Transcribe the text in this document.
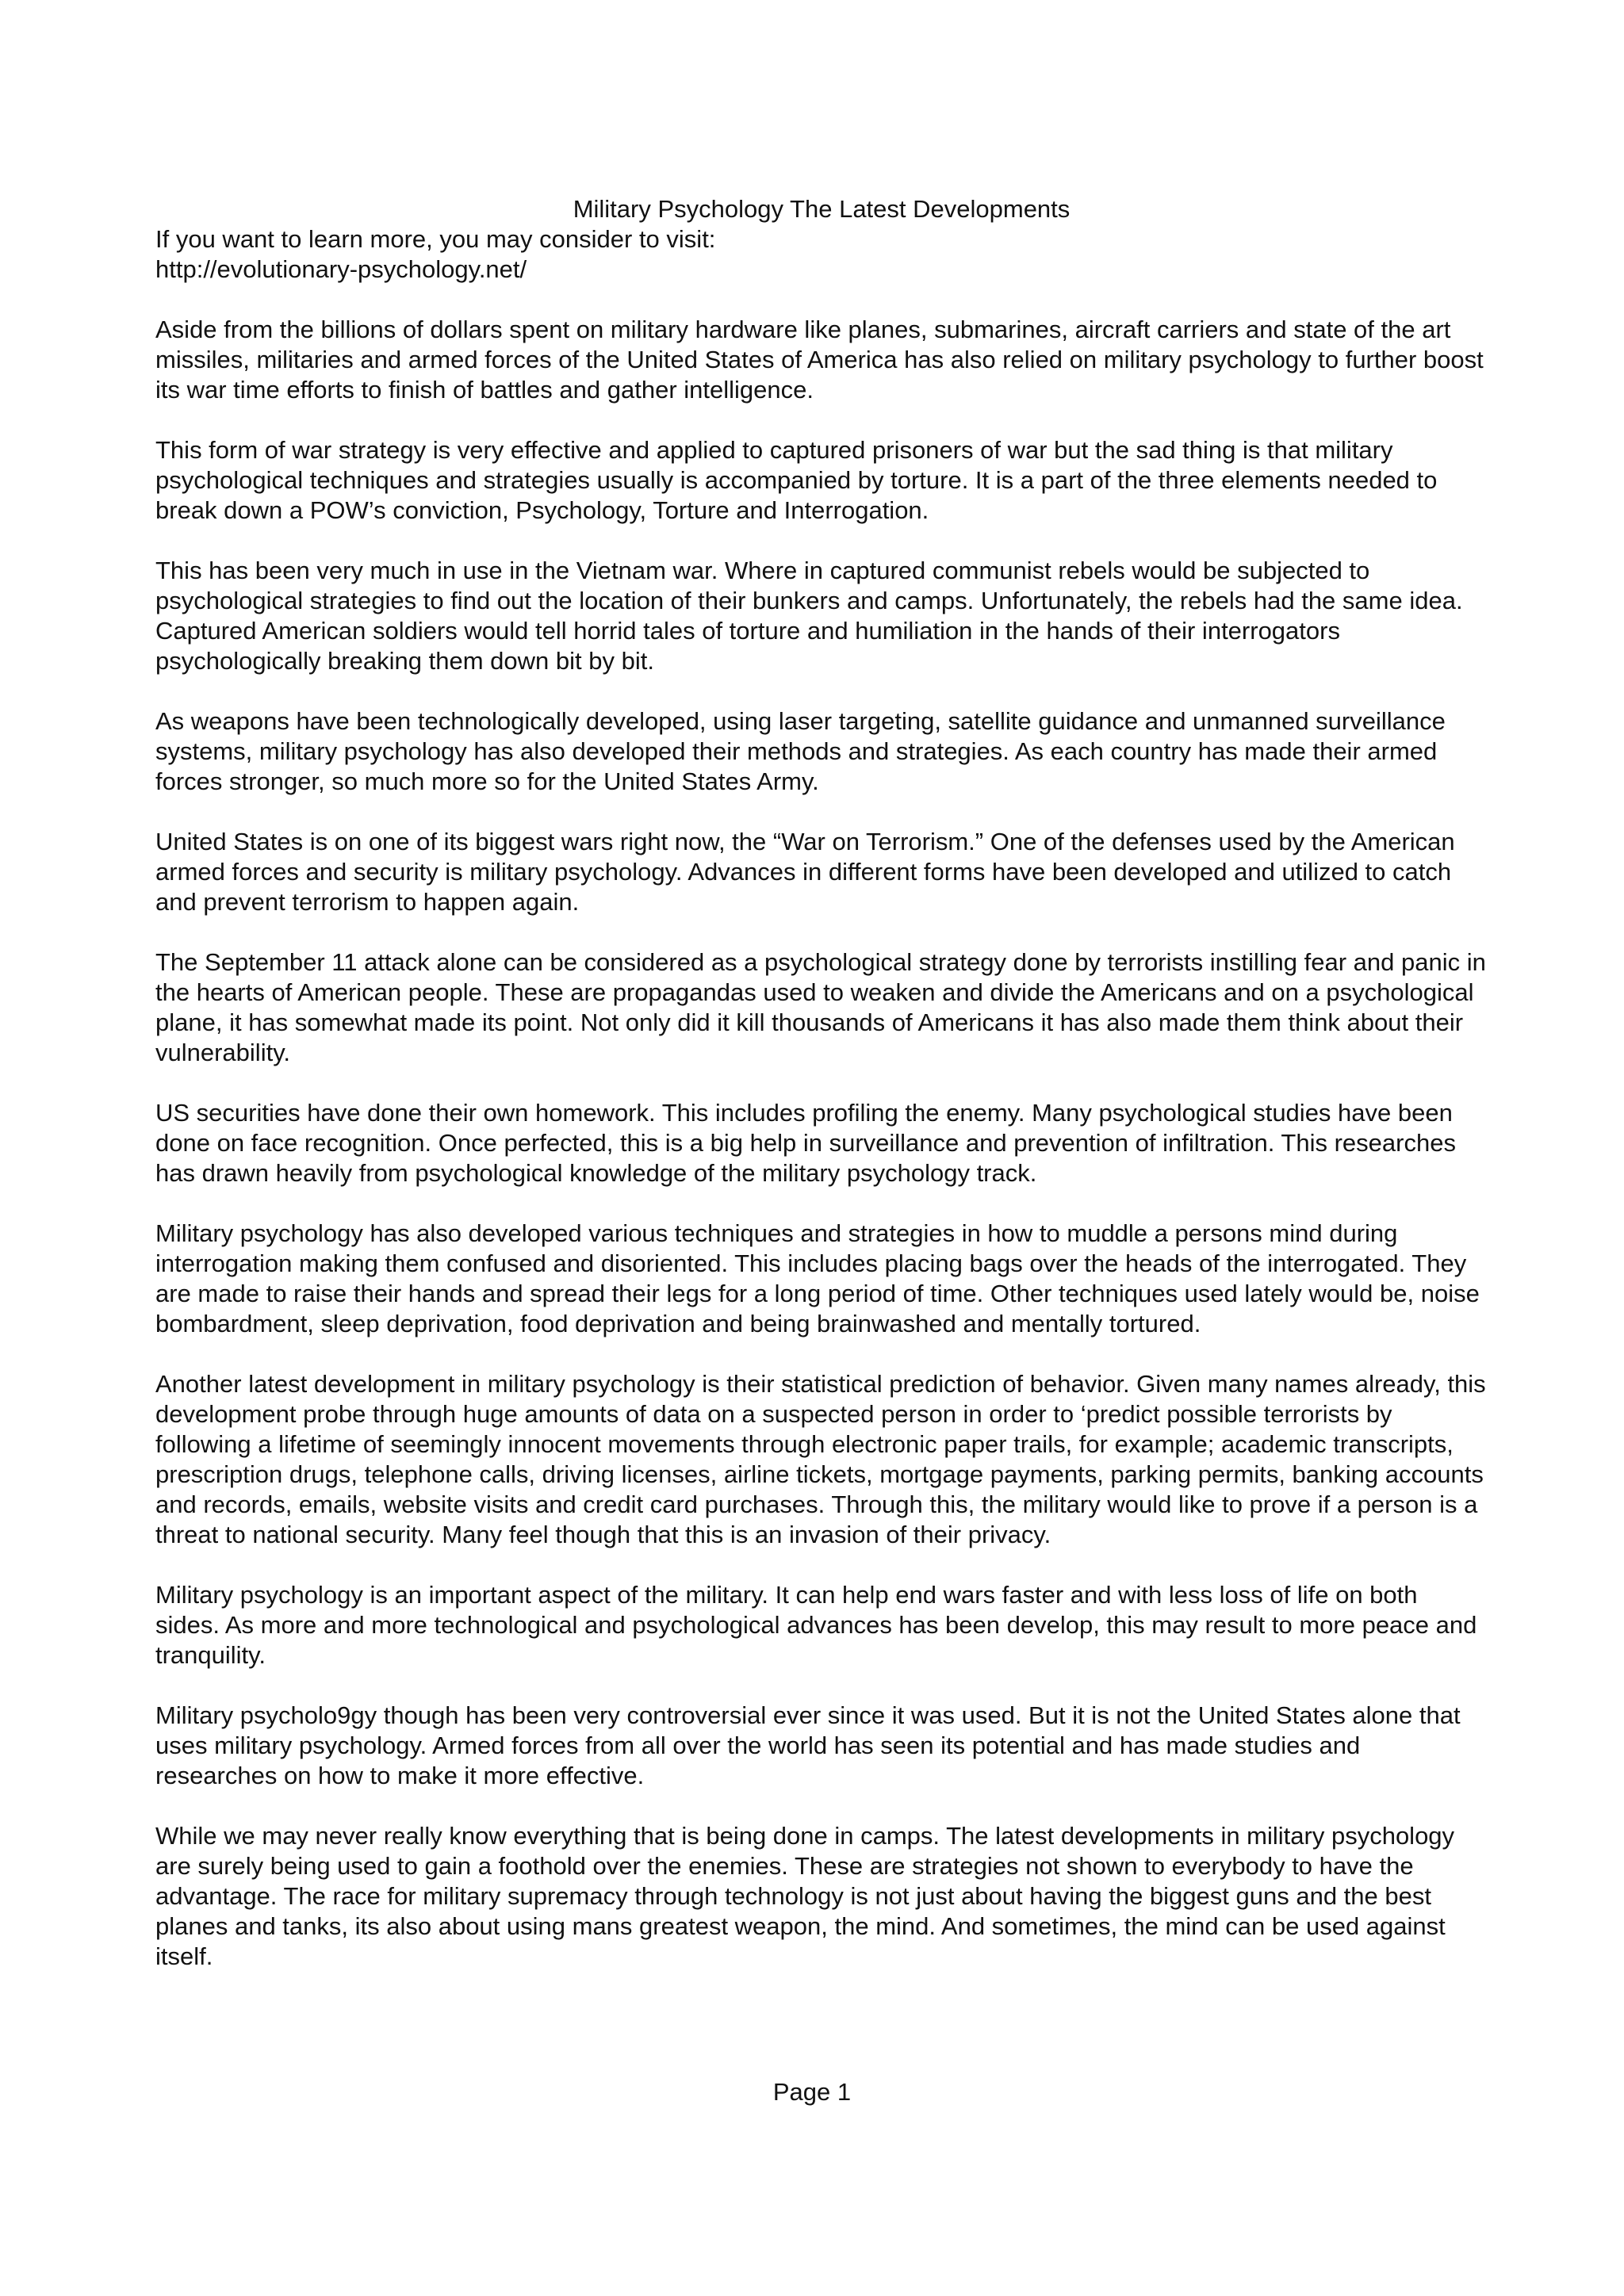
Military Psychology The Latest Developments

If you want to learn more, you may consider to visit:

http://evolutionary-psychology.net/

Aside from the billions of dollars spent on military hardware like planes, submarines, aircraft carriers and state of the art missiles, militaries and armed forces of the United States of America has also relied on military psychology to further boost its war time efforts to finish of battles and gather intelligence.

This form of war strategy is very effective and applied to captured prisoners of war but the sad thing is that military psychological techniques and strategies usually is accompanied by torture. It is a part of the three elements needed to break down a POW’s conviction, Psychology, Torture and Interrogation.

This has been very much in use in the Vietnam war. Where in captured communist rebels would be subjected to psychological strategies to find out the location of their bunkers and camps. Unfortunately, the rebels had the same idea. Captured American soldiers would tell horrid tales of torture and humiliation in the hands of their interrogators psychologically breaking them down bit by bit.

As weapons have been technologically developed, using laser targeting, satellite guidance and unmanned surveillance systems, military psychology has also developed their methods and strategies. As each country has made their armed forces stronger, so much more so for the United States Army.

United States is on one of its biggest wars right now, the “War on Terrorism.” One of the defenses used by the American armed forces and security is military psychology. Advances in different forms have been developed and utilized to catch and prevent terrorism to happen again.

The September 11 attack alone can be considered as a psychological strategy done by terrorists instilling fear and panic in the hearts of American people. These are propagandas used to weaken and divide the Americans and on a psychological plane, it has somewhat made its point. Not only did it kill thousands of Americans it has also made them think about their vulnerability.

US securities have done their own homework. This includes profiling the enemy. Many psychological studies have been done on face recognition. Once perfected, this is a big help in surveillance and prevention of infiltration. This researches has drawn heavily from psychological knowledge of the military psychology track.

Military psychology has also developed various techniques and strategies in how to muddle a persons mind during interrogation making them confused and disoriented. This includes placing bags over the heads of the interrogated. They are made to raise their hands and spread their legs for a long period of time. Other techniques used lately would be, noise bombardment, sleep deprivation, food deprivation and being brainwashed and mentally tortured.

Another latest development in military psychology is their statistical prediction of behavior. Given many names already, this development probe through huge amounts of data on a suspected person in order to ‘predict possible terrorists by following a lifetime of seemingly innocent movements through electronic paper trails, for example; academic transcripts, prescription drugs, telephone calls, driving licenses, airline tickets, mortgage payments, parking permits, banking accounts and records, emails, website visits and credit card purchases. Through this, the military would like to prove if a person is a threat to national security. Many feel though that this is an invasion of their privacy.

Military psychology is an important aspect of the military. It can help end wars faster and with less loss of life on both sides. As more and more technological and psychological advances has been develop, this may result to more peace and tranquility.

Military psycholo9gy though has been very controversial ever since it was used. But it is not the United States alone that uses military psychology. Armed forces from all over the world has seen its potential and has made studies and researches on how to make it more effective.

While we may never really know everything that is being done in camps. The latest developments in military psychology are surely being used to gain a foothold over the enemies. These are strategies not shown to everybody to have the advantage. The race for military supremacy through technology is not just about having the biggest guns and the best planes and tanks, its also about using mans greatest weapon, the mind. And sometimes, the mind can be used against itself.

Page 1
